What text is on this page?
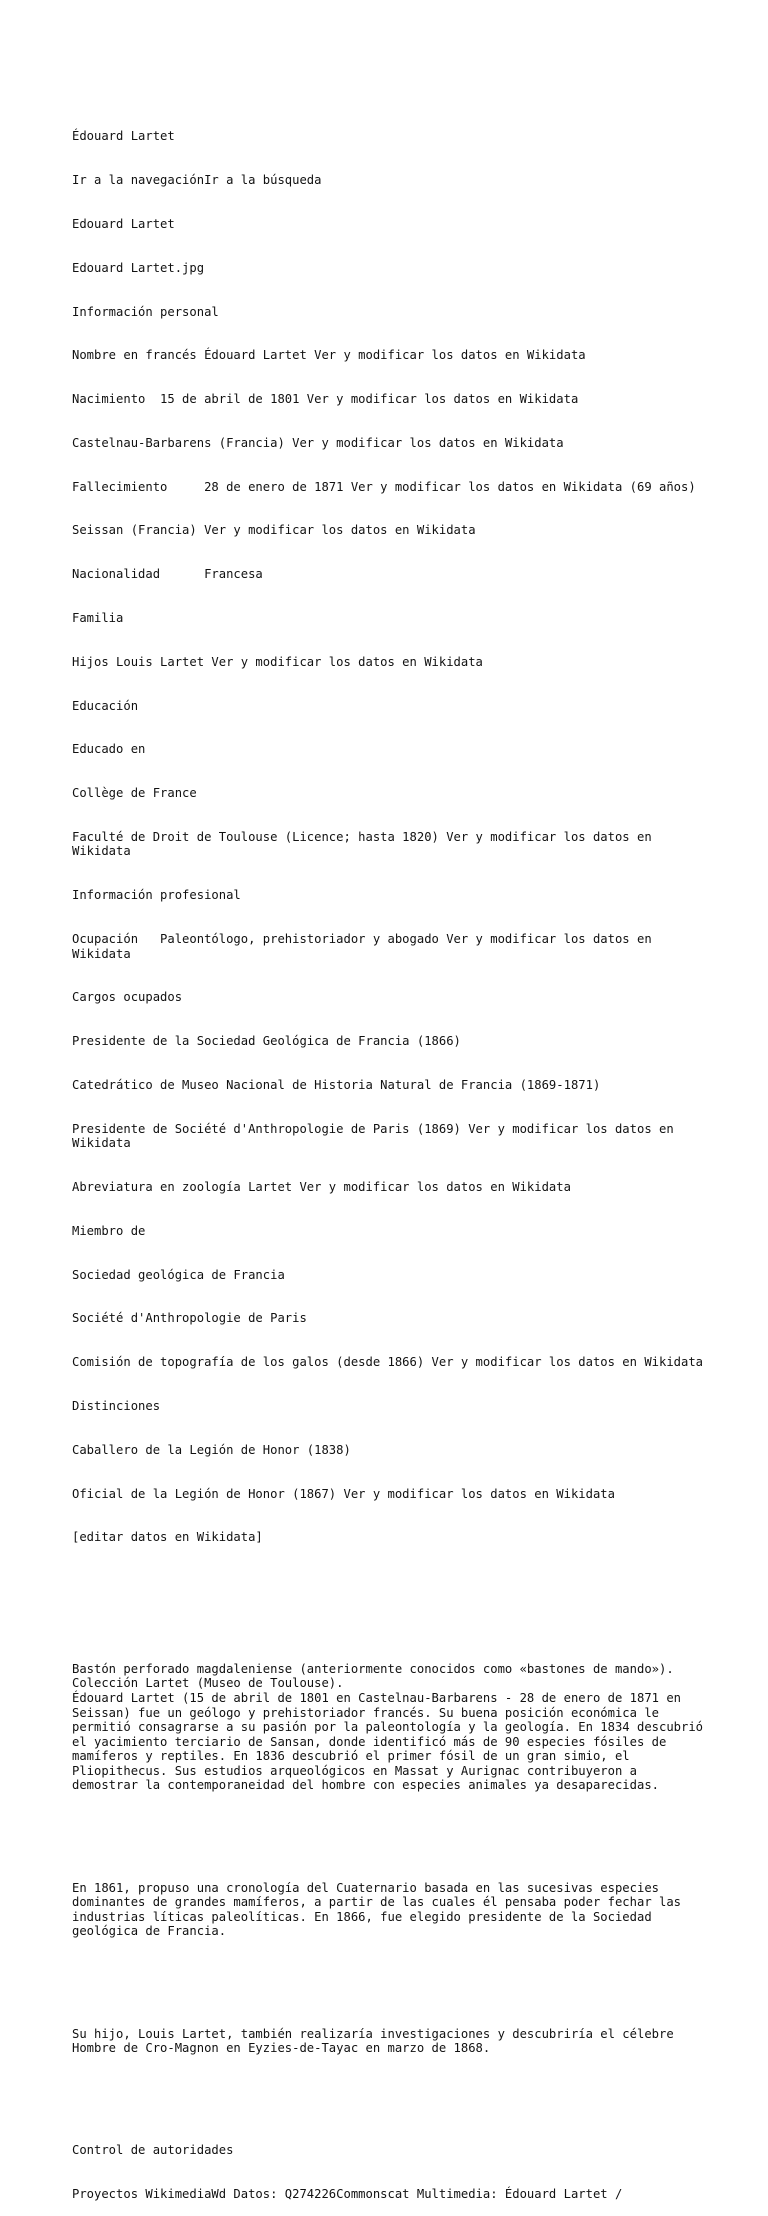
Édouard Lartet

Ir a la navegaciónIr a la búsqueda

Edouard Lartet

Edouard Lartet.jpg

Información personal

Nombre en francés Édouard Lartet Ver y modificar los datos en Wikidata

Nacimiento  15 de abril de 1801 Ver y modificar los datos en Wikidata

Castelnau-Barbarens (Francia) Ver y modificar los datos en Wikidata

Fallecimiento     28 de enero de 1871 Ver y modificar los datos en Wikidata (69 años)

Seissan (Francia) Ver y modificar los datos en Wikidata

Nacionalidad      Francesa

Familia

Hijos Louis Lartet Ver y modificar los datos en Wikidata

Educación

Educado en

Collège de France

Faculté de Droit de Toulouse (Licence; hasta 1820) Ver y modificar los datos en Wikidata

Información profesional

Ocupación   Paleontólogo, prehistoriador y abogado Ver y modificar los datos en Wikidata

Cargos ocupados

Presidente de la Sociedad Geológica de Francia (1866)

Catedrático de Museo Nacional de Historia Natural de Francia (1869-1871)

Presidente de Société d'Anthropologie de Paris (1869) Ver y modificar los datos en Wikidata

Abreviatura en zoología Lartet Ver y modificar los datos en Wikidata

Miembro de

Sociedad geológica de Francia

Société d'Anthropologie de Paris

Comisión de topografía de los galos (desde 1866) Ver y modificar los datos en Wikidata

Distinciones

Caballero de la Legión de Honor (1838)

Oficial de la Legión de Honor (1867) Ver y modificar los datos en Wikidata

[editar datos en Wikidata]

Bastón perforado magdaleniense (anteriormente conocidos como «bastones de mando»). Colección Lartet (Museo de Toulouse).
Édouard Lartet (15 de abril de 1801 en Castelnau-Barbarens - 28 de enero de 1871 en Seissan) fue un geólogo y prehistoriador francés. Su buena posición económica le permitió consagrarse a su pasión por la paleontología y la geología. En 1834 descubrió el yacimiento terciario de Sansan, donde identificó más de 90 especies fósiles de mamíferos y reptiles. En 1836 descubrió el primer fósil de un gran simio, el Pliopithecus. Sus estudios arqueológicos en Massat y Aurignac contribuyeron a demostrar la contemporaneidad del hombre con especies animales ya desaparecidas.

En 1861, propuso una cronología del Cuaternario basada en las sucesivas especies dominantes de grandes mamíferos, a partir de las cuales él pensaba poder fechar las industrias líticas paleolíticas. En 1866, fue elegido presidente de la Sociedad geológica de Francia.

Su hijo, Louis Lartet, también realizaría investigaciones y descubriría el célebre Hombre de Cro-Magnon en Eyzies-de-Tayac en marzo de 1868.

Control de autoridades

Proyectos WikimediaWd Datos: Q274226Commonscat Multimedia: Édouard Lartet /
